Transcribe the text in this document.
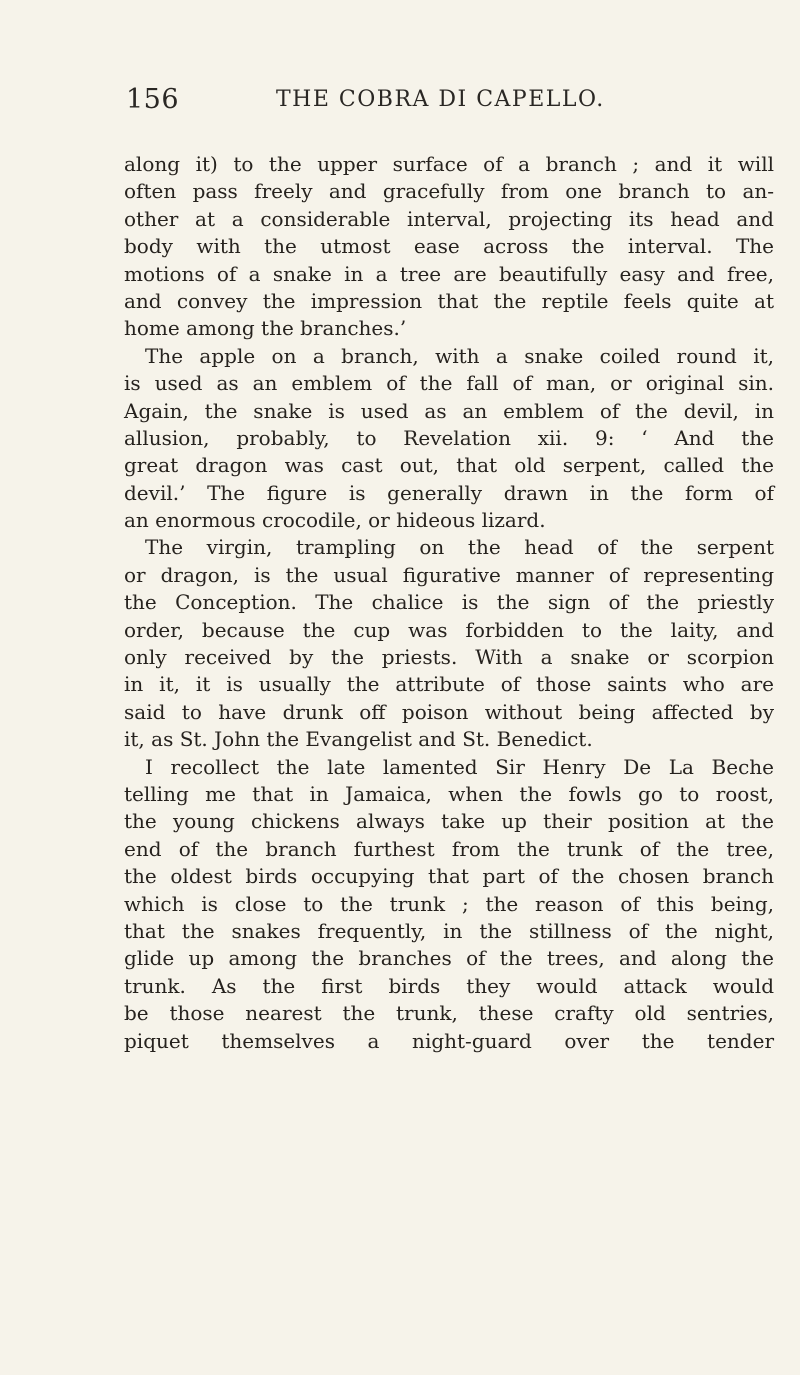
156	THE COBRA DI CAPELLO.
along it) to the upper surface of a branch ; and it will
often pass freely and gracefully from one branch to an-
other at a considerable interval, projecting its head and
body with the utmost ease across the interval. The
motions of a snake in a tree are beautifully easy and free,
and convey the impression that the reptile feels quite at
home among the branches.’
The apple on a branch, with a snake coiled round it,
is used as an emblem of the fall of man, or original sin.
Again, the snake is used as an emblem of the devil, in
allusion, probably, to Revelation xii. 9: ‘ And the
great dragon was cast out, that old serpent, called the
devil.’ The figure is generally drawn in the form of
an enormous crocodile, or hideous lizard.
The virgin, trampling on the head of the serpent
or dragon, is the usual figurative manner of representing
the Conception. The chalice is the sign of the priestly
order, because the cup was forbidden to the laity, and
only received by the priests. With a snake or scorpion
in it, it is usually the attribute of those saints who are
said to have drunk off poison without being affected by
it, as St. John the Evangelist and St. Benedict.
I recollect the late lamented Sir Henry De La Beche
telling me that in Jamaica, when the fowls go to roost,
the young chickens always take up their position at the
end of the branch furthest from the trunk of the tree,
the oldest birds occupying that part of the chosen branch
which is close to the trunk ; the reason of this being,
that the snakes frequently, in the stillness of the night,
glide up among the branches of the trees, and along the
trunk. As the first birds they would attack would
be those nearest the trunk, these crafty old sentries,
piquet themselves a night-guard over the tender
